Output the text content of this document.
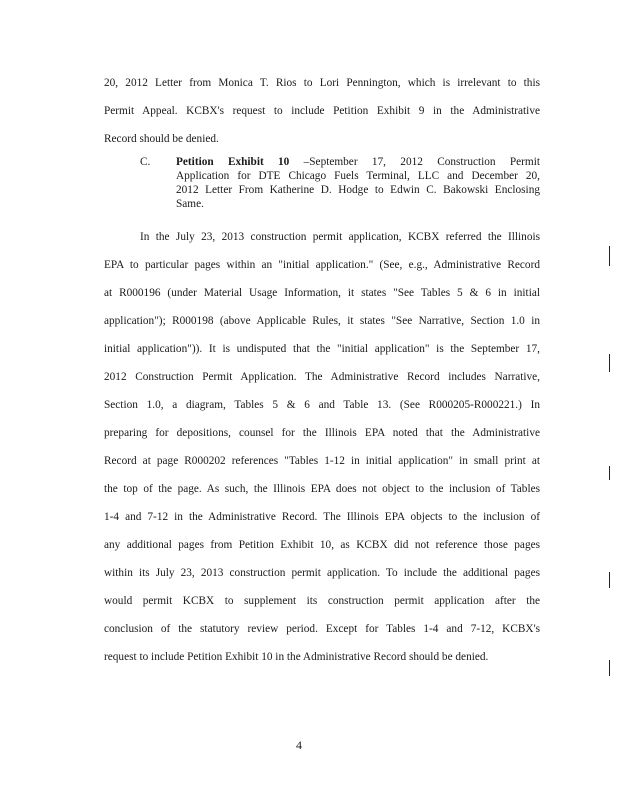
20, 2012 Letter from Monica T. Rios to Lori Pennington, which is irrelevant to this
Permit Appeal. KCBX's request to include Petition Exhibit 9 in the Administrative
Record should be denied.
C. Petition Exhibit 10 –September 17, 2012 Construction Permit
Application for DTE Chicago Fuels Terminal, LLC and December 20,
2012 Letter From Katherine D. Hodge to Edwin C. Bakowski Enclosing
Same.
In the July 23, 2013 construction permit application, KCBX referred the Illinois
EPA to particular pages within an "initial application." (See, e.g., Administrative Record
at R000196 (under Material Usage Information, it states "See Tables 5 & 6 in initial
application"); R000198 (above Applicable Rules, it states "See Narrative, Section 1.0 in
initial application")). It is undisputed that the "initial application" is the September 17,
2012 Construction Permit Application. The Administrative Record includes Narrative,
Section 1.0, a diagram, Tables 5 & 6 and Table 13. (See R000205-R000221.) In
preparing for depositions, counsel for the Illinois EPA noted that the Administrative
Record at page R000202 references "Tables 1-12 in initial application" in small print at
the top of the page. As such, the Illinois EPA does not object to the inclusion of Tables
1-4 and 7-12 in the Administrative Record. The Illinois EPA objects to the inclusion of
any additional pages from Petition Exhibit 10, as KCBX did not reference those pages
within its July 23, 2013 construction permit application. To include the additional pages
would permit KCBX to supplement its construction permit application after the
conclusion of the statutory review period. Except for Tables 1-4 and 7-12, KCBX's
request to include Petition Exhibit 10 in the Administrative Record should be denied.
4
